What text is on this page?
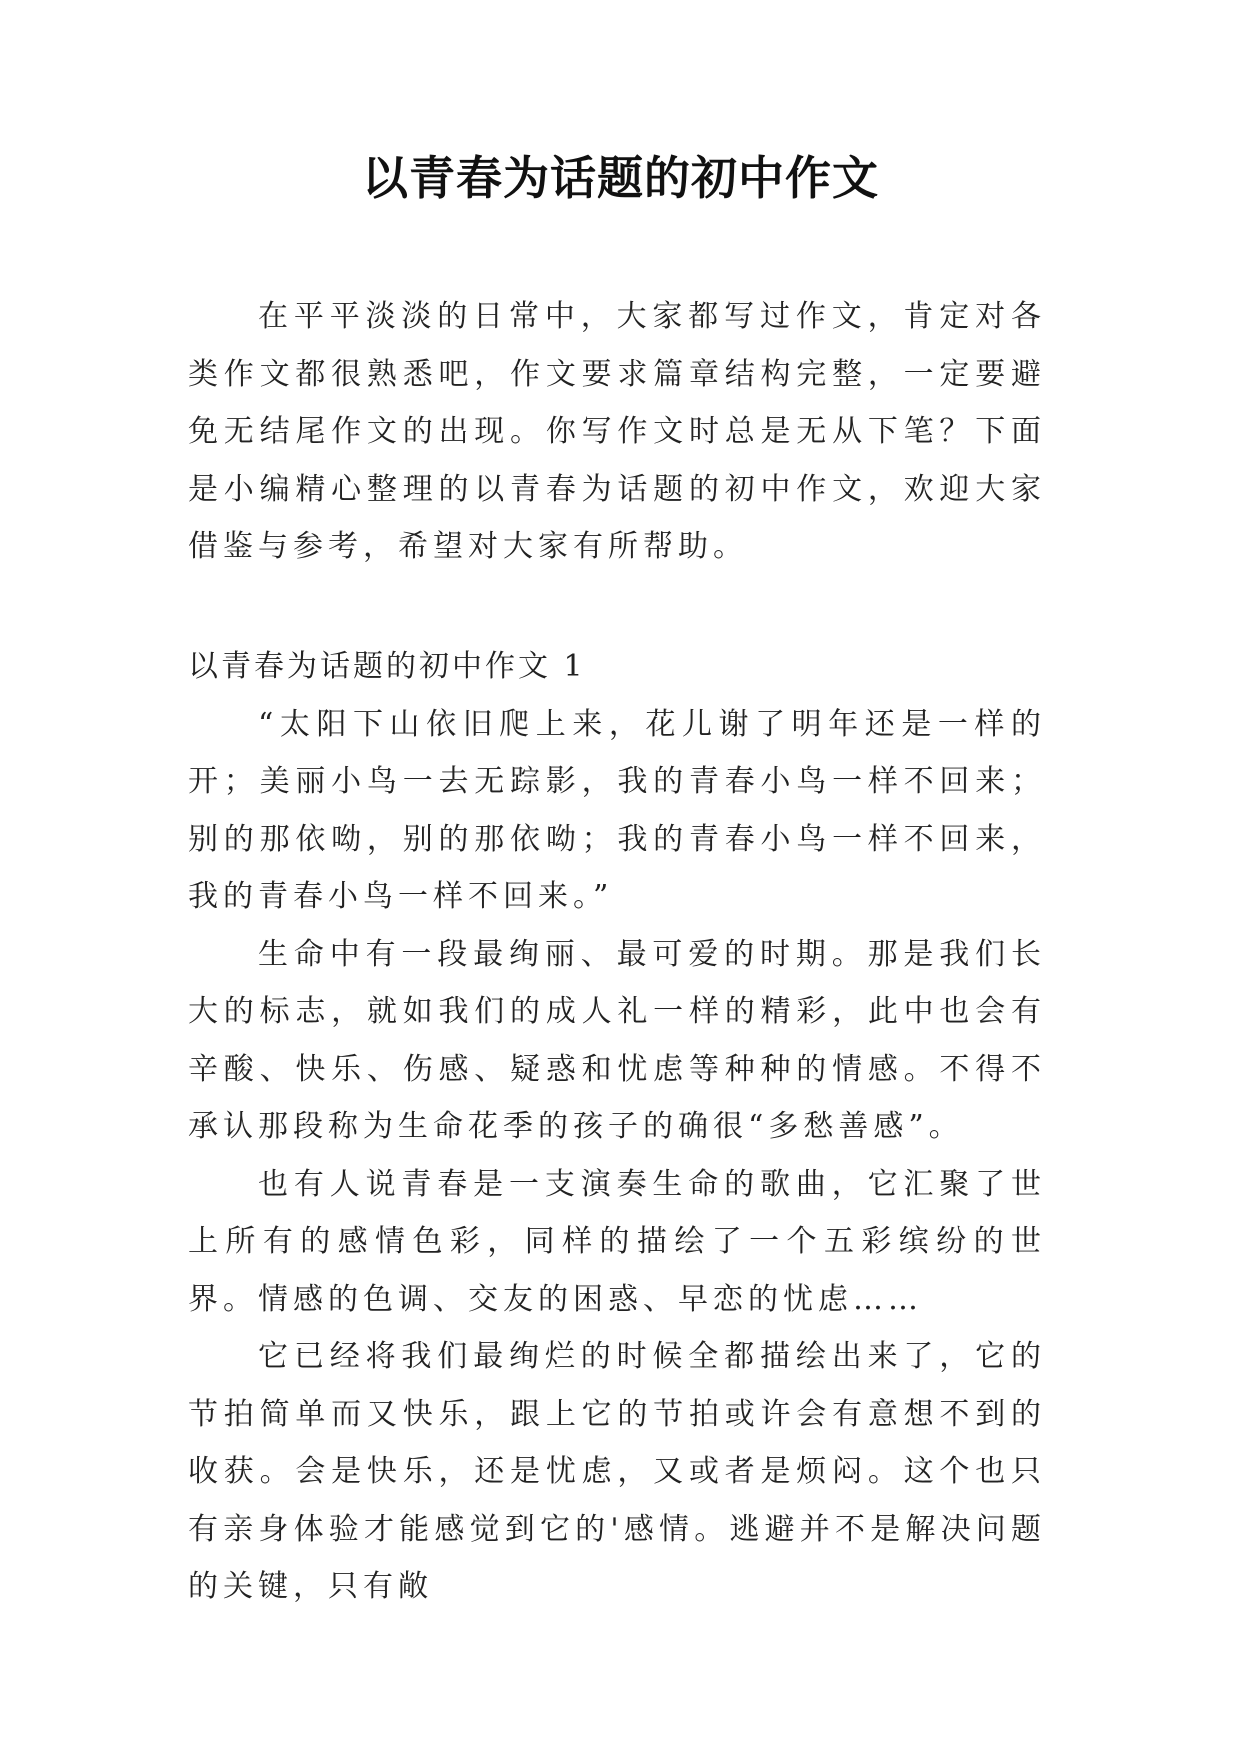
以青春为话题的初中作文

在平平淡淡的日常中，大家都写过作文，肯定对各类作文都很熟悉吧，作文要求篇章结构完整，一定要避免无结尾作文的出现。你写作文时总是无从下笔？下面是小编精心整理的以青春为话题的初中作文，欢迎大家借鉴与参考，希望对大家有所帮助。

以青春为话题的初中作文 1

“太阳下山依旧爬上来，花儿谢了明年还是一样的开；美丽小鸟一去无踪影，我的青春小鸟一样不回来；别的那依呦，别的那依呦；我的青春小鸟一样不回来，我的青春小鸟一样不回来。”

生命中有一段最绚丽、最可爱的时期。那是我们长大的标志，就如我们的成人礼一样的精彩，此中也会有辛酸、快乐、伤感、疑惑和忧虑等种种的情感。不得不承认那段称为生命花季的孩子的确很“多愁善感”。

也有人说青春是一支演奏生命的歌曲，它汇聚了世上所有的感情色彩，同样的描绘了一个五彩缤纷的世界。情感的色调、交友的困惑、早恋的忧虑……

它已经将我们最绚烂的时候全都描绘出来了，它的节拍简单而又快乐，跟上它的节拍或许会有意想不到的收获。会是快乐，还是忧虑，又或者是烦闷。这个也只有亲身体验才能感觉到它的'感情。逃避并不是解决问题的关键，只有敞
